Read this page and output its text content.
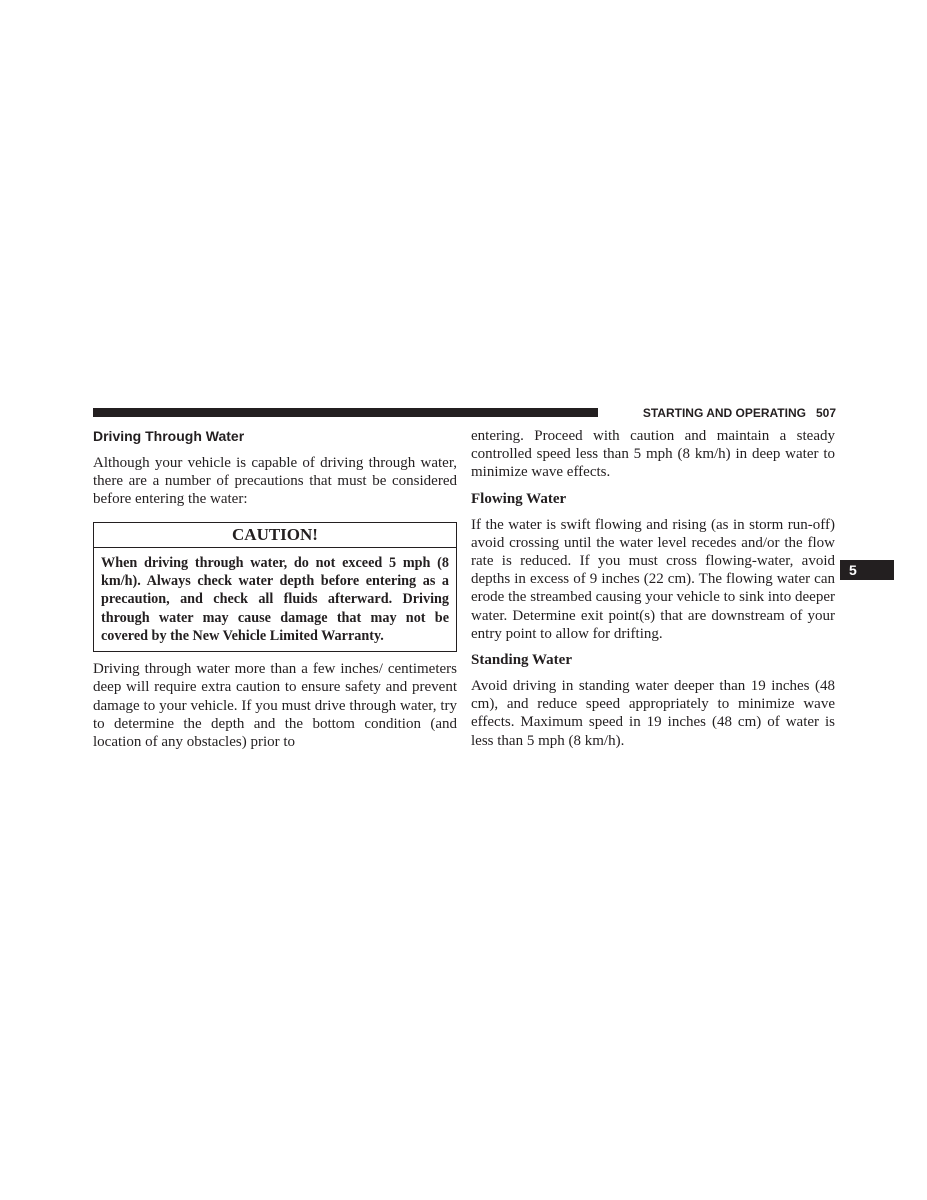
STARTING AND OPERATING 507
5
Driving Through Water

Although your vehicle is capable of driving through water, there are a number of precautions that must be considered before entering the water:

CAUTION!
When driving through water, do not exceed 5 mph (8 km/h). Always check water depth before entering as a precaution, and check all fluids afterward. Driving through water may cause damage that may not be covered by the New Vehicle Limited Warranty.

Driving through water more than a few inches/ centimeters deep will require extra caution to ensure safety and prevent damage to your vehicle. If you must drive through water, try to determine the depth and the bottom condition (and location of any obstacles) prior to

entering. Proceed with caution and maintain a steady controlled speed less than 5 mph (8 km/h) in deep water to minimize wave effects.

Flowing Water

If the water is swift flowing and rising (as in storm run-off) avoid crossing until the water level recedes and/or the flow rate is reduced. If you must cross flowing-water, avoid depths in excess of 9 inches (22 cm). The flowing water can erode the streambed causing your vehicle to sink into deeper water. Determine exit point(s) that are downstream of your entry point to allow for drifting.

Standing Water

Avoid driving in standing water deeper than 19 inches (48 cm), and reduce speed appropriately to minimize wave effects. Maximum speed in 19 inches (48 cm) of water is less than 5 mph (8 km/h).
